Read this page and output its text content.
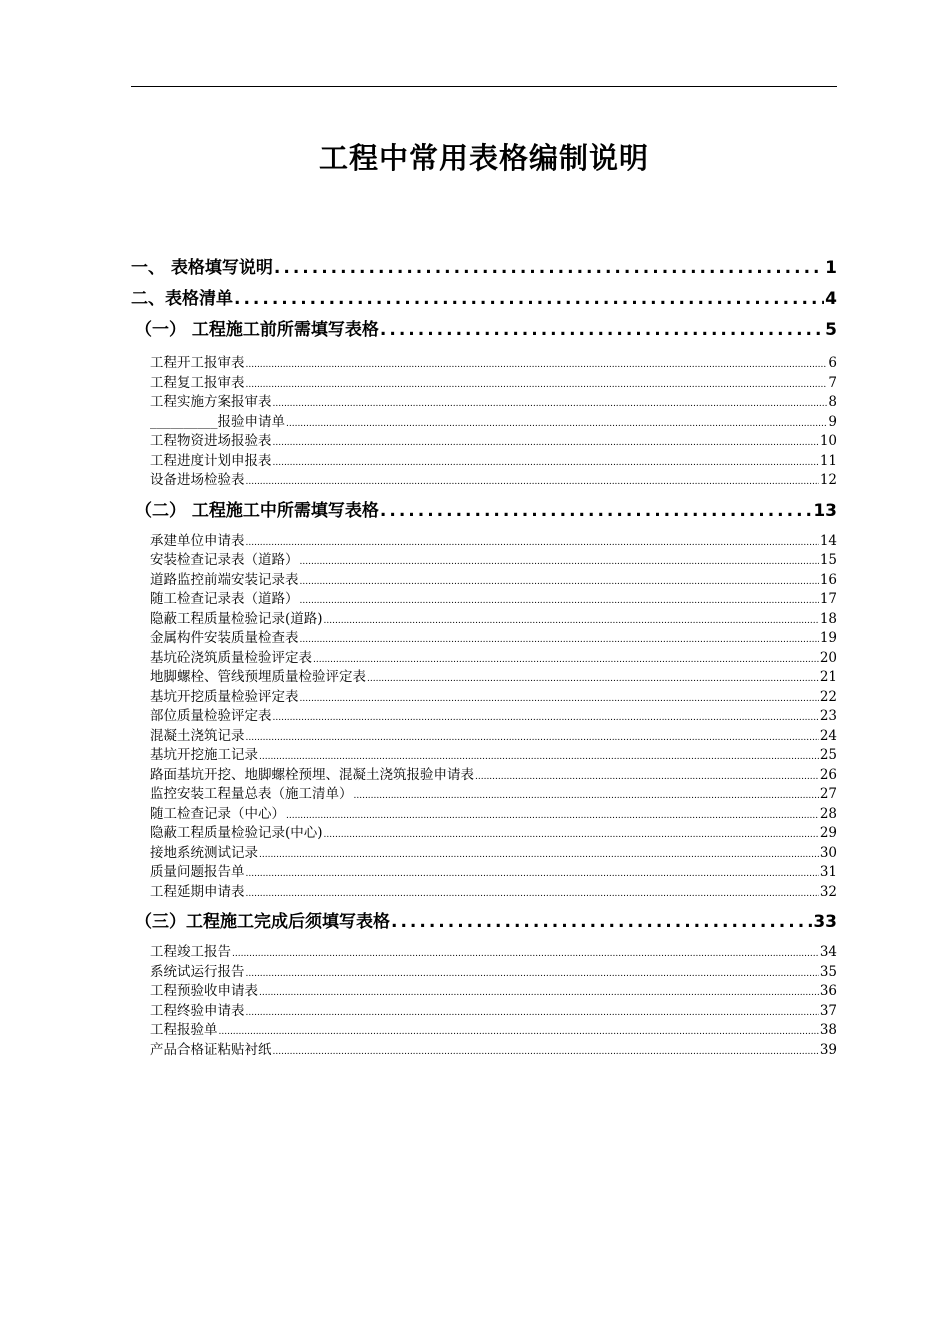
工程中常用表格编制说明
一、 表格填写说明 .....	1
二、表格清单 .....	4
（一） 工程施工前所需填写表格 .....	5
工程开工报审表 .....	6
工程复工报审表 .....	7
工程实施方案报审表 .....	8
__________报验申请单 .....	9
工程物资进场报验表 .....	10
工程进度计划申报表 .....	11
设备进场检验表 .....	12
（二） 工程施工中所需填写表格 .....	13
承建单位申请表 .....	14
安装检查记录表（道路） .....	15
道路监控前端安装记录表 .....	16
随工检查记录表（道路） .....	17
隐蔽工程质量检验记录(道路) .....	18
金属构件安装质量检查表 .....	19
基坑砼浇筑质量检验评定表 .....	20
地脚螺栓、管线预埋质量检验评定表 .....	21
基坑开挖质量检验评定表 .....	22
部位质量检验评定表 .....	23
混凝土浇筑记录 .....	24
基坑开挖施工记录 .....	25
路面基坑开挖、地脚螺栓预埋、混凝土浇筑报验申请表 .....	26
监控安装工程量总表（施工清单） .....	27
随工检查记录（中心） .....	28
隐蔽工程质量检验记录(中心) .....	29
接地系统测试记录 .....	30
质量问题报告单 .....	31
工程延期申请表 .....	32
（三）工程施工完成后须填写表格 .....	33
工程竣工报告 .....	34
系统试运行报告 .....	35
工程预验收申请表 .....	36
工程终验申请表 .....	37
工程报验单 .....	38
产品合格证粘贴衬纸 .....	39
